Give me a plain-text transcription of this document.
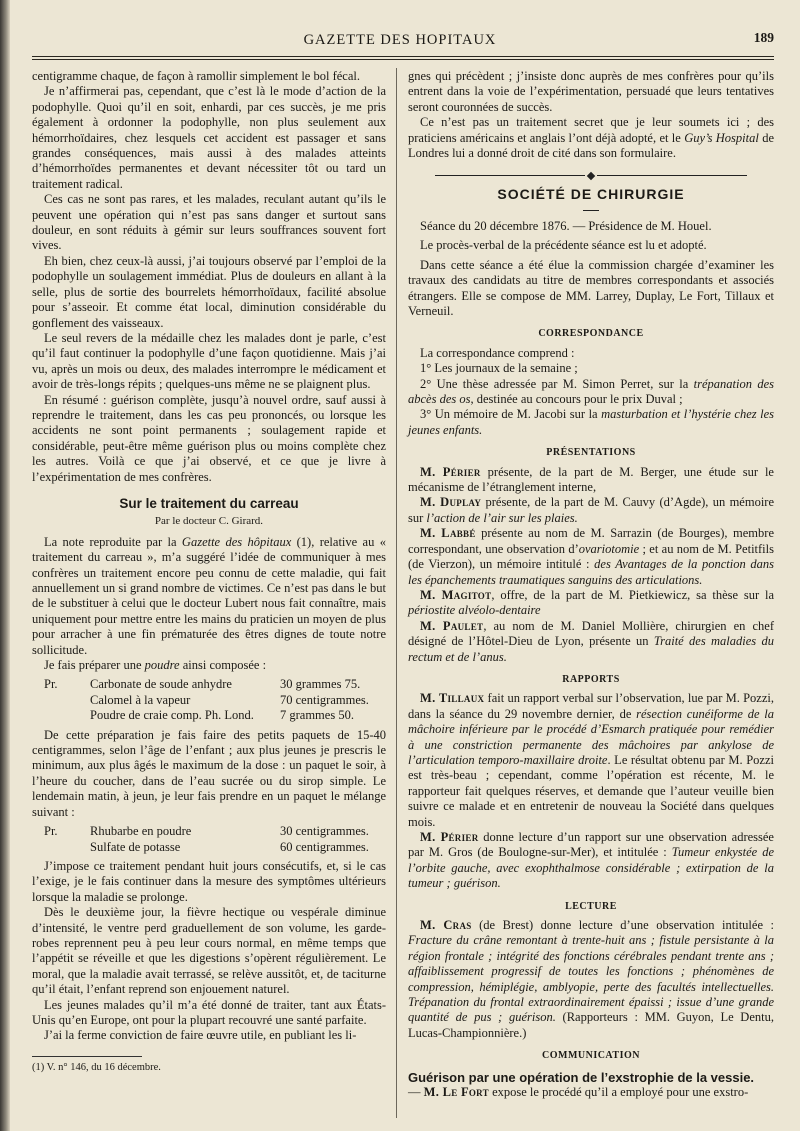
GAZETTE DES HOPITAUX	189

centigramme chaque, de façon à ramollir simplement le bol fécal.

Je n’affirmerai pas, cependant, que c’est là le mode d’action de la podophylle. Quoi qu’il en soit, enhardi, par ces succès, je me pris également à ordonner la podophylle, non plus seulement aux hémorrhoïdaires, chez lesquels cet accident est passager et sans grandes conséquences, mais aussi à des malades atteints d’hémorrhoïdes permanentes et devant nécessiter tôt ou tard un traitement radical.

Ces cas ne sont pas rares, et les malades, reculant autant qu’ils le peuvent une opération qui n’est pas sans danger et surtout sans douleur, en sont réduits à gémir sur leurs souffrances souvent fort vives.

Eh bien, chez ceux-là aussi, j’ai toujours observé par l’emploi de la podophylle un soulagement immédiat. Plus de douleurs en allant à la selle, plus de sortie des bourrelets hémorrhoïdaux, facilité absolue pour s’asseoir. Et comme état local, diminution considérable du gonflement des vaisseaux.

Le seul revers de la médaille chez les malades dont je parle, c’est qu’il faut continuer la podophylle d’une façon quotidienne. Mais j’ai vu, après un mois ou deux, des malades interrompre le médicament et avoir de très-longs répits ; quelques-uns même ne se plaignent plus.

En résumé : guérison complète, jusqu’à nouvel ordre, sauf aussi à reprendre le traitement, dans les cas peu prononcés, ou lorsque les accidents ne sont point permanents ; soulagement rapide et considérable, peut-être même guérison plus ou moins complète chez les autres. Voilà ce que j’ai observé, et ce que je livre à l’expérimentation de mes confrères.

Sur le traitement du carreau
Par le docteur C. Girard.

La note reproduite par la Gazette des hôpitaux (1), relative au « traitement du carreau », m’a suggéré l’idée de communiquer à mes confrères un traitement encore peu connu de cette maladie, qui fait annuellement un si grand nombre de victimes. Ce n’est pas dans le but de le substituer à celui que le docteur Lubert nous fait connaître, mais uniquement pour mettre entre les mains du praticien un moyen de plus pour arracher à une fin prématurée des êtres dignes de toute notre sollicitude.

Je fais préparer une poudre ainsi composée :

Pr.	Carbonate de soude anhydre	30 grammes 75.
Calomel à la vapeur	70 centigrammes.
Poudre de craie comp. Ph. Lond.	7 grammes 50.

De cette préparation je fais faire des petits paquets de 15-40 centigrammes, selon l’âge de l’enfant ; aux plus jeunes je prescris le minimum, aux plus âgés le maximum de la dose : un paquet le soir, à l’heure du coucher, dans de l’eau sucrée ou du sirop simple. Le lendemain matin, à jeun, je leur fais prendre en un paquet le mélange suivant :

Pr.	Rhubarbe en poudre	30 centigrammes.
Sulfate de potasse	60 centigrammes.

J’impose ce traitement pendant huit jours consécutifs, et, si le cas l’exige, je le fais continuer dans la mesure des symptômes ultérieurs lorsque la maladie se prolonge.

Dès le deuxième jour, la fièvre hectique ou vespérale diminue d’intensité, le ventre perd graduellement de son volume, les garde-robes reprennent peu à peu leur cours normal, en même temps que l’appétit se réveille et que les digestions s’opèrent régulièrement. Le moral, que la maladie avait terrassé, se relève aussitôt, et, de taciturne qu’il était, l’enfant reprend son enjouement naturel.

Les jeunes malades qu’il m’a été donné de traiter, tant aux États-Unis qu’en Europe, ont pour la plupart recouvré une santé parfaite.

J’ai la ferme conviction de faire œuvre utile, en publiant les li-

(1) V. n° 146, du 16 décembre.

gnes qui précèdent ; j’insiste donc auprès de mes confrères pour qu’ils entrent dans la voie de l’expérimentation, persuadé que leurs tentatives seront couronnées de succès.

Ce n’est pas un traitement secret que je leur soumets ici ; des praticiens américains et anglais l’ont déjà adopté, et le Guy’s Hospital de Londres lui a donné droit de cité dans son formulaire.

SOCIÉTÉ DE CHIRURGIE

Séance du 20 décembre 1876. — Présidence de M. Houel.

Le procès-verbal de la précédente séance est lu et adopté.

Dans cette séance a été élue la commission chargée d’examiner les travaux des candidats au titre de membres correspondants et associés étrangers. Elle se compose de MM. Larrey, Duplay, Le Fort, Tillaux et Verneuil.

CORRESPONDANCE

La correspondance comprend :

1° Les journaux de la semaine ;

2° Une thèse adressée par M. Simon Perret, sur la trépanation des abcès des os, destinée au concours pour le prix Duval ;

3° Un mémoire de M. Jacobi sur la masturbation et l’hystérie chez les jeunes enfants.

PRÉSENTATIONS

M. Périer présente, de la part de M. Berger, une étude sur le mécanisme de l’étranglement interne,

M. Duplay présente, de la part de M. Cauvy (d’Agde), un mémoire sur l’action de l’air sur les plaies.

M. Labbé présente au nom de M. Sarrazin (de Bourges), membre correspondant, une observation d’ovariotomie ; et au nom de M. Petitfils (de Vierzon), un mémoire intitulé : des Avantages de la ponction dans les épanchements traumatiques sanguins des articulations.

M. Magitot, offre, de la part de M. Pietkiewicz, sa thèse sur la périostite alvéolo-dentaire

M. Paulet, au nom de M. Daniel Mollière, chirurgien en chef désigné de l’Hôtel-Dieu de Lyon, présente un Traité des maladies du rectum et de l’anus.

RAPPORTS

M. Tillaux fait un rapport verbal sur l’observation, lue par M. Pozzi, dans la séance du 29 novembre dernier, de résection cunéiforme de la mâchoire inférieure par le procédé d’Esmarch pratiquée pour remédier à une constriction permanente des mâchoires par ankylose de l’articulation temporo-maxillaire droite. Le résultat obtenu par M. Pozzi est très-beau ; cependant, comme l’opération est récente, M. le rapporteur fait quelques réserves, et demande que l’auteur veuille bien suivre ce malade et en entretenir de nouveau la Société dans quelques mois.

M. Périer donne lecture d’un rapport sur une observation adressée par M. Gros (de Boulogne-sur-Mer), et intitulée : Tumeur enkystée de l’orbite gauche, avec exophthalmose considérable ; extirpation de la tumeur ; guérison.

LECTURE

M. Cras (de Brest) donne lecture d’une observation intitulée : Fracture du crâne remontant à trente-huit ans ; fistule persistante à la région frontale ; intégrité des fonctions cérébrales pendant trente ans ; affaiblissement progressif de toutes les fonctions ; phénomènes de compression, hémiplégie, amblyopie, perte des facultés intellectuelles. Trépanation du frontal extraordinairement épaissi ; issue d’une grande quantité de pus ; guérison. (Rapporteurs : MM. Guyon, Le Dentu, Lucas-Championnière.)

COMMUNICATION

Guérison par une opération de l’exstrophie de la vessie.

— M. Le Fort expose le procédé qu’il a employé pour une exstro-
